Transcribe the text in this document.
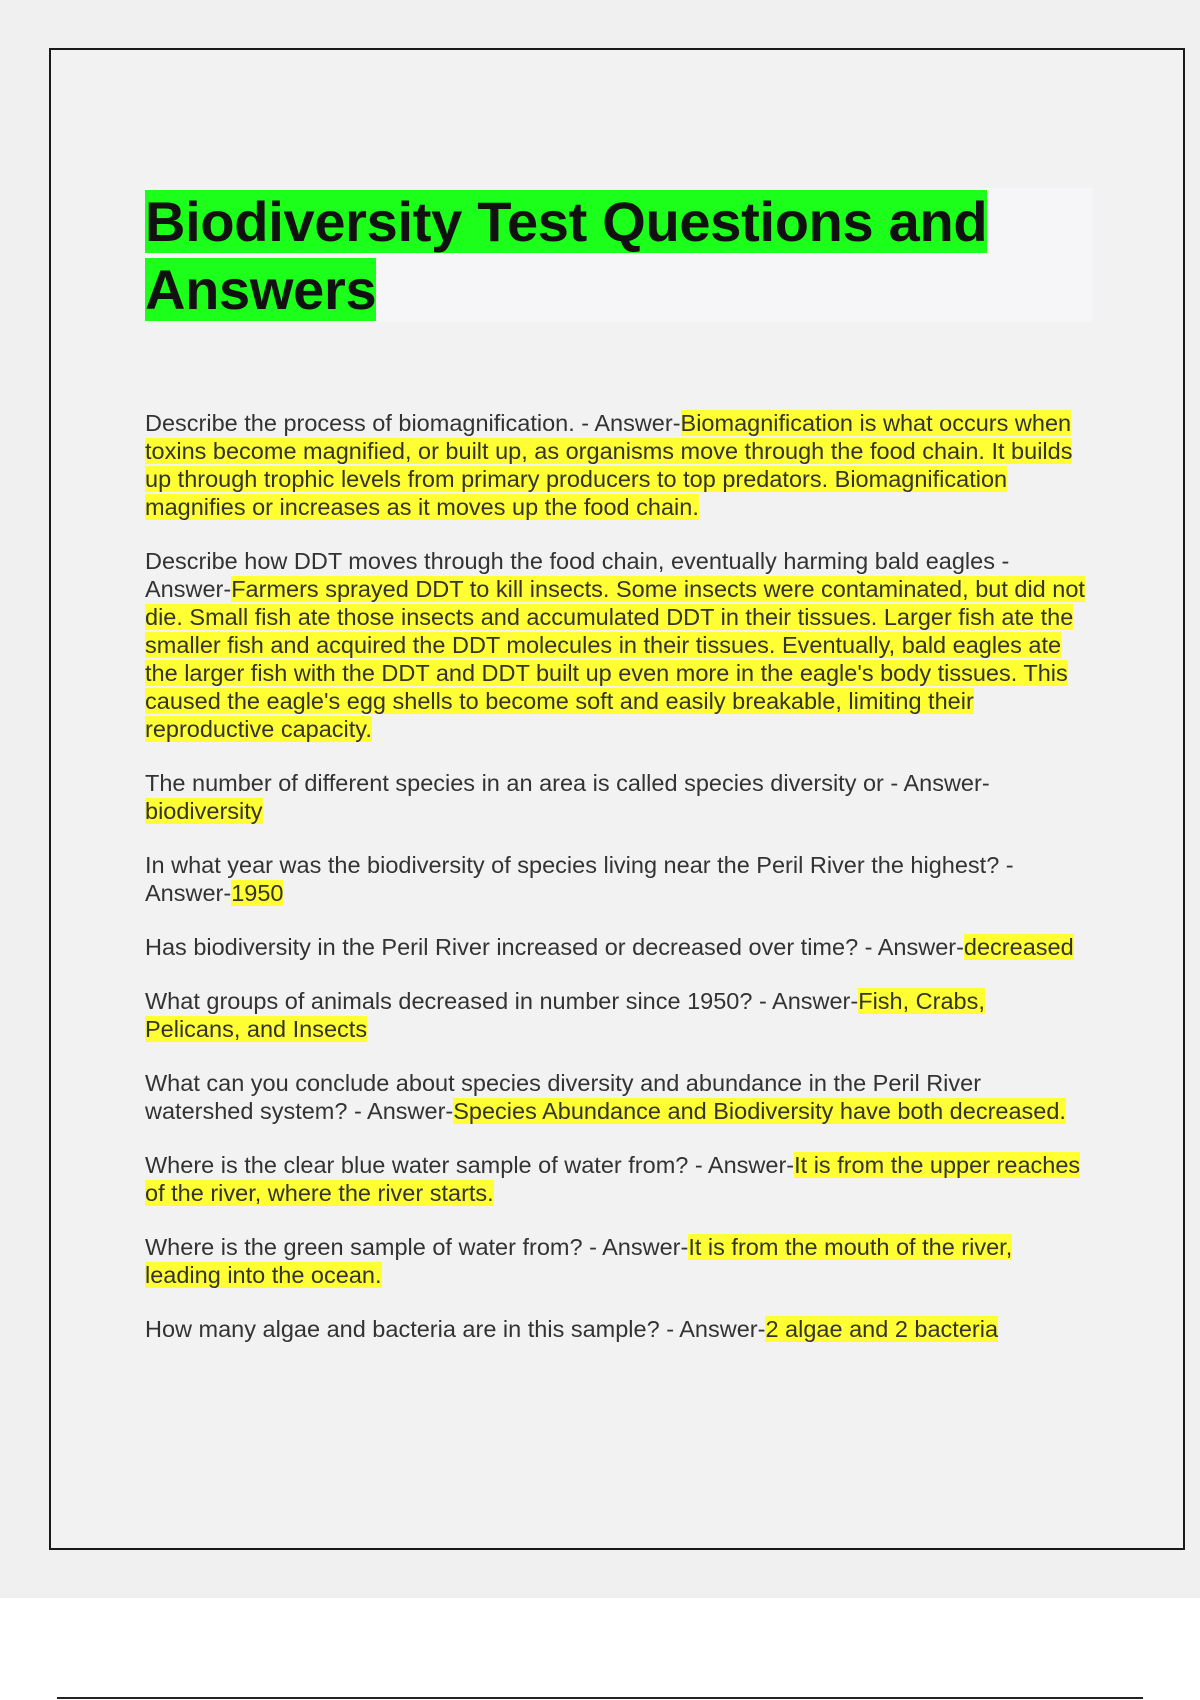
Biodiversity Test Questions and Answers

Describe the process of biomagnification. - Answer-Biomagnification is what occurs when toxins become magnified, or built up, as organisms move through the food chain. It builds up through trophic levels from primary producers to top predators. Biomagnification magnifies or increases as it moves up the food chain.

Describe how DDT moves through the food chain, eventually harming bald eagles - Answer-Farmers sprayed DDT to kill insects. Some insects were contaminated, but did not die. Small fish ate those insects and accumulated DDT in their tissues. Larger fish ate the smaller fish and acquired the DDT molecules in their tissues. Eventually, bald eagles ate the larger fish with the DDT and DDT built up even more in the eagle's body tissues. This caused the eagle's egg shells to become soft and easily breakable, limiting their reproductive capacity.

The number of different species in an area is called species diversity or - Answer-biodiversity

In what year was the biodiversity of species living near the Peril River the highest? - Answer-1950

Has biodiversity in the Peril River increased or decreased over time? - Answer-decreased

What groups of animals decreased in number since 1950? - Answer-Fish, Crabs, Pelicans, and Insects

What can you conclude about species diversity and abundance in the Peril River watershed system? - Answer-Species Abundance and Biodiversity have both decreased.

Where is the clear blue water sample of water from? - Answer-It is from the upper reaches of the river, where the river starts.

Where is the green sample of water from? - Answer-It is from the mouth of the river, leading into the ocean.

How many algae and bacteria are in this sample? - Answer-2 algae and 2 bacteria
